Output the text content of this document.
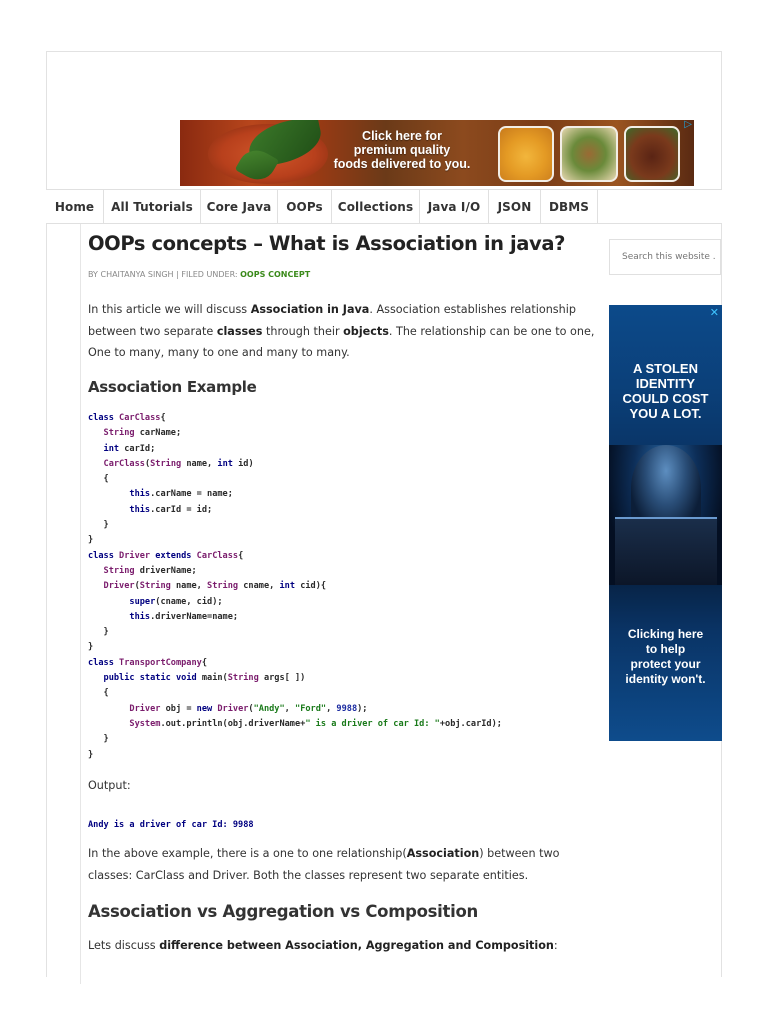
Click here for
premium quality
foods delivered to you.
▷
Home	All Tutorials	Core Java	OOPs	Collections	Java I/O	JSON	DBMS
OOPs concepts – What is Association in java?
BY CHAITANYA SINGH | FILED UNDER: OOPS CONCEPT

In this article we will discuss Association in Java. Association establishes relationship between two separate classes through their objects. The relationship can be one to one, One to many, many to one and many to many.

Association Example
class CarClass{
String carName;
int carId;
CarClass(String name, int id)
{
this.carName = name;
this.carId = id;
}
}
class Driver extends CarClass{
String driverName;
Driver(String name, String cname, int cid){
super(cname, cid);
this.driverName=name;
}
}
class TransportCompany{
public static void main(String args[ ])
{
Driver obj = new Driver("Andy", "Ford", 9988);
System.out.println(obj.driverName+" is a driver of car Id: "+obj.carId);
}
}

Output:

Andy is a driver of car Id: 9988

In the above example, there is a one to one relationship(Association) between two classes: CarClass and Driver. Both the classes represent two separate entities.

Association vs Aggregation vs Composition

Lets discuss difference between Association, Aggregation and Composition:

Search this website .
✕
A STOLEN
IDENTITY
COULD COST
YOU A LOT.
Clicking here
to help
protect your
identity won't.
